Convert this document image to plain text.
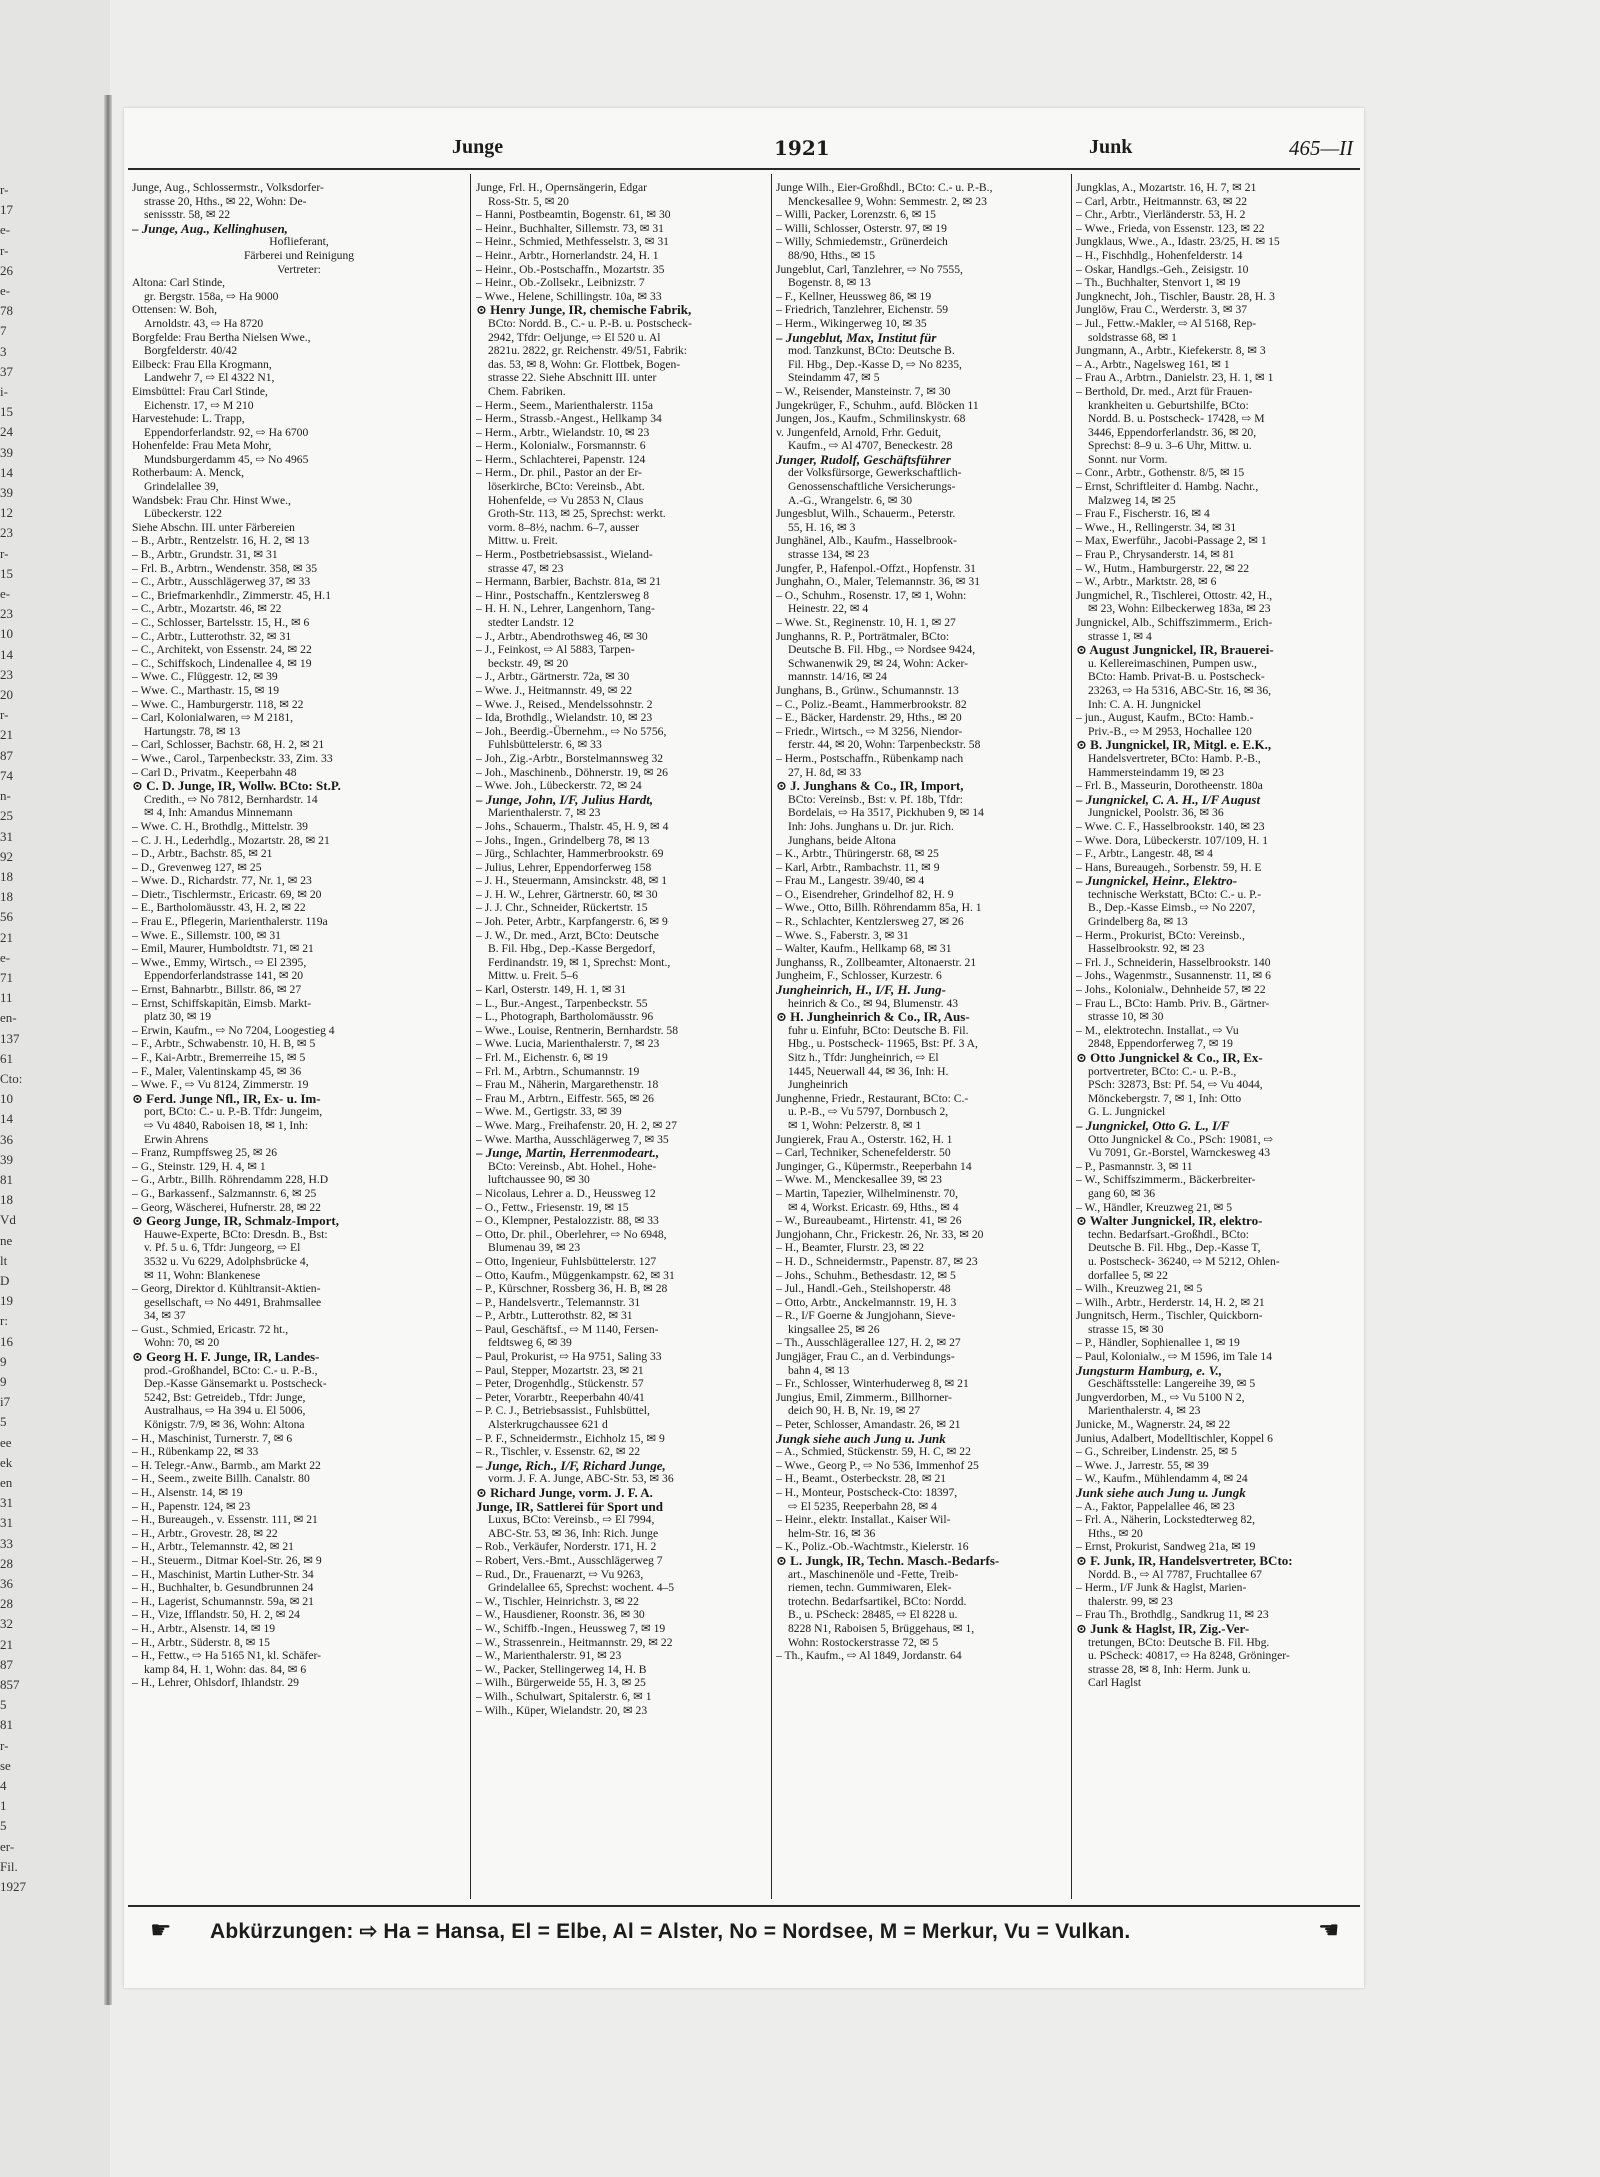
r-
17
e-
r-
26
e-
78
7
3
37
i-
15
24
39
14
39
12
23
r-
15
e-
23
10
14
23
20
r-
21
87
74
n-
25
31
92
18
18
56
21
e-
71
11
en-
137
61
Cto:
10
14
36
39
81
18
Vd
ne
lt
D
19
r:
16
9
9
i7
5
ee
ek
en
31
31
33
28
36
28
32
21
87
857
5
81
r-
se
4
1
5
er-
Fil.
1927
Junge	1921	Junk	465—II
Junge, Aug., Schlossermstr., Volksdorfer-
strasse 20, Hths., ✉ 22, Wohn: De-
senissstr. 58, ✉ 22
– Junge, Aug., Kellinghusen,
Hoflieferant,
Färberei und Reinigung
Vertreter:
Altona: Carl Stinde,
gr. Bergstr. 158a, ⇨ Ha 9000
Ottensen: W. Boh,
Arnoldstr. 43, ⇨ Ha 8720
Borgfelde: Frau Bertha Nielsen Wwe.,
Borgfelderstr. 40/42
Eilbeck: Frau Ella Krogmann,
Landwehr 7, ⇨ El 4322 N1,
Eimsbüttel: Frau Carl Stinde,
Eichenstr. 17, ⇨ M 210
Harvestehude: L. Trapp,
Eppendorferlandstr. 92, ⇨ Ha 6700
Hohenfelde: Frau Meta Mohr,
Mundsburgerdamm 45, ⇨ No 4965
Rotherbaum: A. Menck,
Grindelallee 39,
Wandsbek: Frau Chr. Hinst Wwe.,
Lübeckerstr. 122
Siehe Abschn. III. unter Färbereien
– B., Arbtr., Rentzelstr. 16, H. 2, ✉ 13
– B., Arbtr., Grundstr. 31, ✉ 31
– Frl. B., Arbtrn., Wendenstr. 358, ✉ 35
– C., Arbtr., Ausschlägerweg 37, ✉ 33
– C., Briefmarkenhdlr., Zimmerstr. 45, H.1
– C., Arbtr., Mozartstr. 46, ✉ 22
– C., Schlosser, Bartelsstr. 15, H., ✉ 6
– C., Arbtr., Lutterothstr. 32, ✉ 31
– C., Architekt, von Essenstr. 24, ✉ 22
– C., Schiffskoch, Lindenallee 4, ✉ 19
– Wwe. C., Flüggestr. 12, ✉ 39
– Wwe. C., Marthastr. 15, ✉ 19
– Wwe. C., Hamburgerstr. 118, ✉ 22
– Carl, Kolonialwaren, ⇨ M 2181,
Hartungstr. 78, ✉ 13
– Carl, Schlosser, Bachstr. 68, H. 2, ✉ 21
– Wwe., Carol., Tarpenbeckstr. 33, Zim. 33
– Carl D., Privatm., Keeperbahn 48
⊙ C. D. Junge, IR, Wollw. BCto: St.P.
Credith., ⇨ No 7812, Bernhardstr. 14
✉ 4, Inh: Amandus Minnemann
– Wwe. C. H., Brothdlg., Mittelstr. 39
– C. J. H., Lederhdlg., Mozartstr. 28, ✉ 21
– D., Arbtr., Bachstr. 85, ✉ 21
– D., Grevenweg 127, ✉ 25
– Wwe. D., Richardstr. 77, Nr. 1, ✉ 23
– Dietr., Tischlermstr., Ericastr. 69, ✉ 20
– E., Bartholomäusstr. 43, H. 2, ✉ 22
– Frau E., Pflegerin, Marienthalerstr. 119a
– Wwe. E., Sillemstr. 100, ✉ 31
– Emil, Maurer, Humboldtstr. 71, ✉ 21
– Wwe., Emmy, Wirtsch., ⇨ El 2395,
Eppendorferlandstrasse 141, ✉ 20
– Ernst, Bahnarbtr., Billstr. 86, ✉ 27
– Ernst, Schiffskapitän, Eimsb. Markt-
platz 30, ✉ 19
– Erwin, Kaufm., ⇨ No 7204, Loogestieg 4
– F., Arbtr., Schwabenstr. 10, H. B, ✉ 5
– F., Kai-Arbtr., Bremerreihe 15, ✉ 5
– F., Maler, Valentinskamp 45, ✉ 36
– Wwe. F., ⇨ Vu 8124, Zimmerstr. 19
⊙ Ferd. Junge Nfl., IR, Ex- u. Im-
port, BCto: C.- u. P.-B. Tfdr: Jungeim,
⇨ Vu 4840, Raboisen 18, ✉ 1, Inh:
Erwin Ahrens
– Franz, Rumpffsweg 25, ✉ 26
– G., Steinstr. 129, H. 4, ✉ 1
– G., Arbtr., Billh. Röhrendamm 228, H.D
– G., Barkassenf., Salzmannstr. 6, ✉ 25
– Georg, Wäscherei, Hufnerstr. 28, ✉ 22
⊙ Georg Junge, IR, Schmalz-Import,
Hauwe-Experte, BCto: Dresdn. B., Bst:
v. Pf. 5 u. 6, Tfdr: Jungeorg, ⇨ El
3532 u. Vu 6229, Adolphsbrücke 4,
✉ 11, Wohn: Blankenese
– Georg, Direktor d. Kühltransit-Aktien-
gesellschaft, ⇨ No 4491, Brahmsallee
34, ✉ 37
– Gust., Schmied, Ericastr. 72 ht.,
Wohn: 70, ✉ 20
⊙ Georg H. F. Junge, IR, Landes-
prod.-Großhandel, BCto: C.- u. P.-B.,
Dep.-Kasse Gänsemarkt u. Postscheck-
5242, Bst: Getreideb., Tfdr: Junge,
Australhaus, ⇨ Ha 394 u. El 5006,
Königstr. 7/9, ✉ 36, Wohn: Altona
– H., Maschinist, Turnerstr. 7, ✉ 6
– H., Rübenkamp 22, ✉ 33
– H. Telegr.-Anw., Barmb., am Markt 22
– H., Seem., zweite Billh. Canalstr. 80
– H., Alsenstr. 14, ✉ 19
– H., Papenstr. 124, ✉ 23
– H., Bureaugeh., v. Essenstr. 111, ✉ 21
– H., Arbtr., Grovestr. 28, ✉ 22
– H., Arbtr., Telemannstr. 42, ✉ 21
– H., Steuerm., Ditmar Koel-Str. 26, ✉ 9
– H., Maschinist, Martin Luther-Str. 34
– H., Buchhalter, b. Gesundbrunnen 24
– H., Lagerist, Schumannstr. 59a, ✉ 21
– H., Vize, Ifflandstr. 50, H. 2, ✉ 24
– H., Arbtr., Alsenstr. 14, ✉ 19
– H., Arbtr., Süderstr. 8, ✉ 15
– H., Fettw., ⇨ Ha 5165 N1, kl. Schäfer-
kamp 84, H. 1, Wohn: das. 84, ✉ 6
– H., Lehrer, Ohlsdorf, Ihlandstr. 29
Junge, Frl. H., Opernsängerin, Edgar
Ross-Str. 5, ✉ 20
– Hanni, Postbeamtin, Bogenstr. 61, ✉ 30
– Heinr., Buchhalter, Sillemstr. 73, ✉ 31
– Heinr., Schmied, Methfesselstr. 3, ✉ 31
– Heinr., Arbtr., Hornerlandstr. 24, H. 1
– Heinr., Ob.-Postschaffn., Mozartstr. 35
– Heinr., Ob.-Zollsekr., Leibnizstr. 7
– Wwe., Helene, Schillingstr. 10a, ✉ 33
⊙ Henry Junge, IR, chemische Fabrik,
BCto: Nordd. B., C.- u. P.-B. u. Postscheck-
2942, Tfdr: Oeljunge, ⇨ El 520 u. Al
2821u. 2822, gr. Reichenstr. 49/51, Fabrik:
das. 53, ✉ 8, Wohn: Gr. Flottbek, Bogen-
strasse 22. Siehe Abschnitt III. unter
Chem. Fabriken.
– Herm., Seem., Marienthalerstr. 115a
– Herm., Strassb.-Angest., Hellkamp 34
– Herm., Arbtr., Wielandstr. 10, ✉ 23
– Herm., Kolonialw., Forsmannstr. 6
– Herm., Schlachterei, Papenstr. 124
– Herm., Dr. phil., Pastor an der Er-
löserkirche, BCto: Vereinsb., Abt.
Hohenfelde, ⇨ Vu 2853 N, Claus
Groth-Str. 113, ✉ 25, Sprechst: werkt.
vorm. 8–8½, nachm. 6–7, ausser
Mittw. u. Freit.
– Herm., Postbetriebsassist., Wieland-
strasse 47, ✉ 23
– Hermann, Barbier, Bachstr. 81a, ✉ 21
– Hinr., Postschaffn., Kentzlersweg 8
– H. H. N., Lehrer, Langenhorn, Tang-
stedter Landstr. 12
– J., Arbtr., Abendrothsweg 46, ✉ 30
– J., Feinkost, ⇨ Al 5883, Tarpen-
beckstr. 49, ✉ 20
– J., Arbtr., Gärtnerstr. 72a, ✉ 30
– Wwe. J., Heitmannstr. 49, ✉ 22
– Wwe. J., Reised., Mendelssohnstr. 2
– Ida, Brothdlg., Wielandstr. 10, ✉ 23
– Joh., Beerdig.-Übernehm., ⇨ No 5756,
Fuhlsbüttelerstr. 6, ✉ 33
– Joh., Zig.-Arbtr., Borstelmannsweg 32
– Joh., Maschinenb., Döhnerstr. 19, ✉ 26
– Wwe. Joh., Lübeckerstr. 72, ✉ 24
– Junge, John, I/F, Julius Hardt,
Marienthalerstr. 7, ✉ 23
– Johs., Schauerm., Thalstr. 45, H. 9, ✉ 4
– Johs., Ingen., Grindelberg 78, ✉ 13
– Jürg., Schlachter, Hammerbrookstr. 69
– Julius, Lehrer, Eppendorferweg 158
– J. H., Steuermann, Amsinckstr. 48, ✉ 1
– J. H. W., Lehrer, Gärtnerstr. 60, ✉ 30
– J. J. Chr., Schneider, Rückertstr. 15
– Joh. Peter, Arbtr., Karpfangerstr. 6, ✉ 9
– J. W., Dr. med., Arzt, BCto: Deutsche
B. Fil. Hbg., Dep.-Kasse Bergedorf,
Ferdinandstr. 19, ✉ 1, Sprechst: Mont.,
Mittw. u. Freit. 5–6
– Karl, Osterstr. 149, H. 1, ✉ 31
– L., Bur.-Angest., Tarpenbeckstr. 55
– L., Photograph, Bartholomäusstr. 96
– Wwe., Louise, Rentnerin, Bernhardstr. 58
– Wwe. Lucia, Marienthalerstr. 7, ✉ 23
– Frl. M., Eichenstr. 6, ✉ 19
– Frl. M., Arbtrn., Schumannstr. 19
– Frau M., Näherin, Margarethenstr. 18
– Frau M., Arbtrn., Eiffestr. 565, ✉ 26
– Wwe. M., Gertigstr. 33, ✉ 39
– Wwe. Marg., Freihafenstr. 20, H. 2, ✉ 27
– Wwe. Martha, Ausschlägerweg 7, ✉ 35
– Junge, Martin, Herrenmodeart.,
BCto: Vereinsb., Abt. Hohel., Hohe-
luftchaussee 90, ✉ 30
– Nicolaus, Lehrer a. D., Heussweg 12
– O., Fettw., Friesenstr. 19, ✉ 15
– O., Klempner, Pestalozzistr. 88, ✉ 33
– Otto, Dr. phil., Oberlehrer, ⇨ No 6948,
Blumenau 39, ✉ 23
– Otto, Ingenieur, Fuhlsbüttelerstr. 127
– Otto, Kaufm., Müggenkampstr. 62, ✉ 31
– P., Kürschner, Rossberg 36, H. B, ✉ 28
– P., Handelsvertr., Telemannstr. 31
– P., Arbtr., Lutterothstr. 82, ✉ 31
– Paul, Geschäftsf., ⇨ M 1140, Fersen-
feldtsweg 6, ✉ 39
– Paul, Prokurist, ⇨ Ha 9751, Saling 33
– Paul, Stepper, Mozartstr. 23, ✉ 21
– Peter, Drogenhdlg., Stückenstr. 57
– Peter, Vorarbtr., Reeperbahn 40/41
– P. C. J., Betriebsassist., Fuhlsbüttel,
Alsterkrugchaussee 621 d
– P. F., Schneidermstr., Eichholz 15, ✉ 9
– R., Tischler, v. Essenstr. 62, ✉ 22
– Junge, Rich., I/F, Richard Junge,
vorm. J. F. A. Junge, ABC-Str. 53, ✉ 36
⊙ Richard Junge, vorm. J. F. A.
Junge, IR, Sattlerei für Sport und
Luxus, BCto: Vereinsb., ⇨ El 7994,
ABC-Str. 53, ✉ 36, Inh: Rich. Junge
– Rob., Verkäufer, Norderstr. 171, H. 2
– Robert, Vers.-Bmt., Ausschlägerweg 7
– Rud., Dr., Frauenarzt, ⇨ Vu 9263,
Grindelallee 65, Sprechst: wochent. 4–5
– W., Tischler, Heinrichstr. 3, ✉ 22
– W., Hausdiener, Roonstr. 36, ✉ 30
– W., Schiffb.-Ingen., Heussweg 7, ✉ 19
– W., Strassenrein., Heitmannstr. 29, ✉ 22
– W., Marienthalerstr. 91, ✉ 23
– W., Packer, Stellingerweg 14, H. B
– Wilh., Bürgerweide 55, H. 3, ✉ 25
– Wilh., Schulwart, Spitalerstr. 6, ✉ 1
– Wilh., Küper, Wielandstr. 20, ✉ 23
Junge Wilh., Eier-Großhdl., BCto: C.- u. P.-B.,
Menckesallee 9, Wohn: Semmestr. 2, ✉ 23
– Willi, Packer, Lorenzstr. 6, ✉ 15
– Willi, Schlosser, Osterstr. 97, ✉ 19
– Willy, Schmiedemstr., Grünerdeich
88/90, Hths., ✉ 15
Jungeblut, Carl, Tanzlehrer, ⇨ No 7555,
Bogenstr. 8, ✉ 13
– F., Kellner, Heussweg 86, ✉ 19
– Friedrich, Tanzlehrer, Eichenstr. 59
– Herm., Wikingerweg 10, ✉ 35
– Jungeblut, Max, Institut für
mod. Tanzkunst, BCto: Deutsche B.
Fil. Hbg., Dep.-Kasse D, ⇨ No 8235,
Steindamm 47, ✉ 5
– W., Reisender, Mansteinstr. 7, ✉ 30
Jungekrüger, F., Schuhm., aufd. Blöcken 11
Jungen, Jos., Kaufm., Schmilinskystr. 68
v. Jungenfeld, Arnold, Frhr. Geduit,
Kaufm., ⇨ Al 4707, Beneckestr. 28
Junger, Rudolf, Geschäftsführer
der Volksfürsorge, Gewerkschaftlich-
Genossenschaftliche Versicherungs-
A.-G., Wrangelstr. 6, ✉ 30
Jungesblut, Wilh., Schauerm., Peterstr.
55, H. 16, ✉ 3
Junghänel, Alb., Kaufm., Hasselbrook-
strasse 134, ✉ 23
Jungfer, P., Hafenpol.-Offzt., Hopfenstr. 31
Junghahn, O., Maler, Telemannstr. 36, ✉ 31
– O., Schuhm., Rosenstr. 17, ✉ 1, Wohn:
Heinestr. 22, ✉ 4
– Wwe. St., Reginenstr. 10, H. 1, ✉ 27
Junghanns, R. P., Porträtmaler, BCto:
Deutsche B. Fil. Hbg., ⇨ Nordsee 9424,
Schwanenwik 29, ✉ 24, Wohn: Acker-
mannstr. 14/16, ✉ 24
Junghans, B., Grünw., Schumannstr. 13
– C., Poliz.-Beamt., Hammerbrookstr. 82
– E., Bäcker, Hardenstr. 29, Hths., ✉ 20
– Friedr., Wirtsch., ⇨ M 3256, Niendor-
ferstr. 44, ✉ 20, Wohn: Tarpenbeckstr. 58
– Herm., Postschaffn., Rübenkamp nach
27, H. 8d, ✉ 33
⊙ J. Junghans & Co., IR, Import,
BCto: Vereinsb., Bst: v. Pf. 18b, Tfdr:
Bordelais, ⇨ Ha 3517, Pickhuben 9, ✉ 14
Inh: Johs. Junghans u. Dr. jur. Rich.
Junghans, beide Altona
– K., Arbtr., Thüringerstr. 68, ✉ 25
– Karl, Arbtr., Rambachstr. 11, ✉ 9
– Frau M., Langestr. 39/40, ✉ 4
– O., Eisendreher, Grindelhof 82, H. 9
– Wwe., Otto, Billh. Röhrendamm 85a, H. 1
– R., Schlachter, Kentzlersweg 27, ✉ 26
– Wwe. S., Faberstr. 3, ✉ 31
– Walter, Kaufm., Hellkamp 68, ✉ 31
Junghanss, R., Zollbeamter, Altonaerstr. 21
Jungheim, F., Schlosser, Kurzestr. 6
Jungheinrich, H., I/F, H. Jung-
heinrich & Co., ✉ 94, Blumenstr. 43
⊙ H. Jungheinrich & Co., IR, Aus-
fuhr u. Einfuhr, BCto: Deutsche B. Fil.
Hbg., u. Postscheck- 11965, Bst: Pf. 3 A,
Sitz h., Tfdr: Jungheinrich, ⇨ El
1445, Neuerwall 44, ✉ 36, Inh: H.
Jungheinrich
Junghenne, Friedr., Restaurant, BCto: C.-
u. P.-B., ⇨ Vu 5797, Dornbusch 2,
✉ 1, Wohn: Pelzerstr. 8, ✉ 1
Jungierek, Frau A., Osterstr. 162, H. 1
– Carl, Techniker, Schenefelderstr. 50
Junginger, G., Küpermstr., Reeperbahn 14
– Wwe. M., Menckesallee 39, ✉ 23
– Martin, Tapezier, Wilhelminenstr. 70,
✉ 4, Workst. Ericastr. 69, Hths., ✉ 4
– W., Bureaubeamt., Hirtenstr. 41, ✉ 26
Jungjohann, Chr., Frickestr. 26, Nr. 33, ✉ 20
– H., Beamter, Flurstr. 23, ✉ 22
– H. D., Schneidermstr., Papenstr. 87, ✉ 23
– Johs., Schuhm., Bethesdastr. 12, ✉ 5
– Jul., Handl.-Geh., Steilshoperstr. 48
– Otto, Arbtr., Anckelmannstr. 19, H. 3
– R., I/F Goerne & Jungjohann, Sieve-
kingsallee 25, ✉ 26
– Th., Ausschlägerallee 127, H. 2, ✉ 27
Jungjäger, Frau C., an d. Verbindungs-
bahn 4, ✉ 13
– Fr., Schlosser, Winterhuderweg 8, ✉ 21
Jungius, Emil, Zimmerm., Billhorner-
deich 90, H. B, Nr. 19, ✉ 27
– Peter, Schlosser, Amandastr. 26, ✉ 21
Jungk siehe auch Jung u. Junk
– A., Schmied, Stückenstr. 59, H. C, ✉ 22
– Wwe., Georg P., ⇨ No 536, Immenhof 25
– H., Beamt., Osterbeckstr. 28, ✉ 21
– H., Monteur, Postscheck-Cto: 18397,
⇨ El 5235, Reeperbahn 28, ✉ 4
– Heinr., elektr. Installat., Kaiser Wil-
helm-Str. 16, ✉ 36
– K., Poliz.-Ob.-Wachtmstr., Kielerstr. 16
⊙ L. Jungk, IR, Techn. Masch.-Bedarfs-
art., Maschinenöle und -Fette, Treib-
riemen, techn. Gummiwaren, Elek-
trotechn. Bedarfsartikel, BCto: Nordd.
B., u. PScheck: 28485, ⇨ El 8228 u.
8228 N1, Raboisen 5, Brüggehaus, ✉ 1,
Wohn: Rostockerstrasse 72, ✉ 5
– Th., Kaufm., ⇨ Al 1849, Jordanstr. 64
Jungklas, A., Mozartstr. 16, H. 7, ✉ 21
– Carl, Arbtr., Heitmannstr. 63, ✉ 22
– Chr., Arbtr., Vierländerstr. 53, H. 2
– Wwe., Frieda, von Essenstr. 123, ✉ 22
Jungklaus, Wwe., A., Idastr. 23/25, H. ✉ 15
– H., Fischhdlg., Hohenfelderstr. 14
– Oskar, Handlgs.-Geh., Zeisigstr. 10
– Th., Buchhalter, Stenvort 1, ✉ 19
Jungknecht, Joh., Tischler, Baustr. 28, H. 3
Junglöw, Frau C., Werderstr. 3, ✉ 37
– Jul., Fettw.-Makler, ⇨ Al 5168, Rep-
soldstrasse 68, ✉ 1
Jungmann, A., Arbtr., Kiefekerstr. 8, ✉ 3
– A., Arbtr., Nagelsweg 161, ✉ 1
– Frau A., Arbtrn., Danielstr. 23, H. 1, ✉ 1
– Berthold, Dr. med., Arzt für Frauen-
krankheiten u. Geburtshilfe, BCto:
Nordd. B. u. Postscheck- 17428, ⇨ M
3446, Eppendorferlandstr. 36, ✉ 20,
Sprechst: 8–9 u. 3–6 Uhr, Mittw. u.
Sonnt. nur Vorm.
– Conr., Arbtr., Gothenstr. 8/5, ✉ 15
– Ernst, Schriftleiter d. Hambg. Nachr.,
Malzweg 14, ✉ 25
– Frau F., Fischerstr. 16, ✉ 4
– Wwe., H., Rellingerstr. 34, ✉ 31
– Max, Ewerführ., Jacobi-Passage 2, ✉ 1
– Frau P., Chrysanderstr. 14, ✉ 81
– W., Hutm., Hamburgerstr. 22, ✉ 22
– W., Arbtr., Marktstr. 28, ✉ 6
Jungmichel, R., Tischlerei, Ottostr. 42, H.,
✉ 23, Wohn: Eilbeckerweg 183a, ✉ 23
Jungnickel, Alb., Schiffszimmerm., Erich-
strasse 1, ✉ 4
⊙ August Jungnickel, IR, Brauerei-
u. Kellereimaschinen, Pumpen usw.,
BCto: Hamb. Privat-B. u. Postscheck-
23263, ⇨ Ha 5316, ABC-Str. 16, ✉ 36,
Inh: C. A. H. Jungnickel
– jun., August, Kaufm., BCto: Hamb.-
Priv.-B., ⇨ M 2953, Hochallee 120
⊙ B. Jungnickel, IR, Mitgl. e. E.K.,
Handelsvertreter, BCto: Hamb. P.-B.,
Hammersteindamm 19, ✉ 23
– Frl. B., Masseurin, Dorotheenstr. 180a
– Jungnickel, C. A. H., I/F August
Jungnickel, Poolstr. 36, ✉ 36
– Wwe. C. F., Hasselbrookstr. 140, ✉ 23
– Wwe. Dora, Lübeckerstr. 107/109, H. 1
– F., Arbtr., Langestr. 48, ✉ 4
– Hans, Bureaugeh., Sorbenstr. 59, H. E
– Jungnickel, Heinr., Elektro-
technische Werkstatt, BCto: C.- u. P.-
B., Dep.-Kasse Eimsb., ⇨ No 2207,
Grindelberg 8a, ✉ 13
– Herm., Prokurist, BCto: Vereinsb.,
Hasselbrookstr. 92, ✉ 23
– Frl. J., Schneiderin, Hasselbrookstr. 140
– Johs., Wagenmstr., Susannenstr. 11, ✉ 6
– Johs., Kolonialw., Dehnheide 57, ✉ 22
– Frau L., BCto: Hamb. Priv. B., Gärtner-
strasse 10, ✉ 30
– M., elektrotechn. Installat., ⇨ Vu
2848, Eppendorferweg 7, ✉ 19
⊙ Otto Jungnickel & Co., IR, Ex-
portvertreter, BCto: C.- u. P.-B.,
PSch: 32873, Bst: Pf. 54, ⇨ Vu 4044,
Mönckebergstr. 7, ✉ 1, Inh: Otto
G. L. Jungnickel
– Jungnickel, Otto G. L., I/F
Otto Jungnickel & Co., PSch: 19081, ⇨
Vu 7091, Gr.-Borstel, Warnckesweg 43
– P., Pasmannstr. 3, ✉ 11
– W., Schiffszimmerm., Bäckerbreiter-
gang 60, ✉ 36
– W., Händler, Kreuzweg 21, ✉ 5
⊙ Walter Jungnickel, IR, elektro-
techn. Bedarfsart.-Großhdl., BCto:
Deutsche B. Fil. Hbg., Dep.-Kasse T,
u. Postscheck- 36240, ⇨ M 5212, Ohlen-
dorfallee 5, ✉ 22
– Wilh., Kreuzweg 21, ✉ 5
– Wilh., Arbtr., Herderstr. 14, H. 2, ✉ 21
Jungnitsch, Herm., Tischler, Quickborn-
strasse 15, ✉ 30
– P., Händler, Sophienallee 1, ✉ 19
– Paul, Kolonialw., ⇨ M 1596, im Tale 14
Jungsturm Hamburg, e. V.,
Geschäftsstelle: Langereihe 39, ✉ 5
Jungverdorben, M., ⇨ Vu 5100 N 2,
Marienthalerstr. 4, ✉ 23
Junicke, M., Wagnerstr. 24, ✉ 22
Junius, Adalbert, Modelltischler, Koppel 6
– G., Schreiber, Lindenstr. 25, ✉ 5
– Wwe. J., Jarrestr. 55, ✉ 39
– W., Kaufm., Mühlendamm 4, ✉ 24
Junk siehe auch Jung u. Jungk
– A., Faktor, Pappelallee 46, ✉ 23
– Frl. A., Näherin, Lockstedterweg 82,
Hths., ✉ 20
– Ernst, Prokurist, Sandweg 21a, ✉ 19
⊙ F. Junk, IR, Handelsvertreter, BCto:
Nordd. B., ⇨ Al 7787, Fruchtallee 67
– Herm., I/F Junk & Haglst, Marien-
thalerstr. 99, ✉ 23
– Frau Th., Brothdlg., Sandkrug 11, ✉ 23
⊙ Junk & Haglst, IR, Zig.-Ver-
tretungen, BCto: Deutsche B. Fil. Hbg.
u. PScheck: 40817, ⇨ Ha 8248, Gröninger-
strasse 28, ✉ 8, Inh: Herm. Junk u.
Carl Haglst
☛ Abkürzungen: ⇨ Ha = Hansa, El = Elbe, Al = Alster, No = Nordsee, M = Merkur, Vu = Vulkan.	☛
